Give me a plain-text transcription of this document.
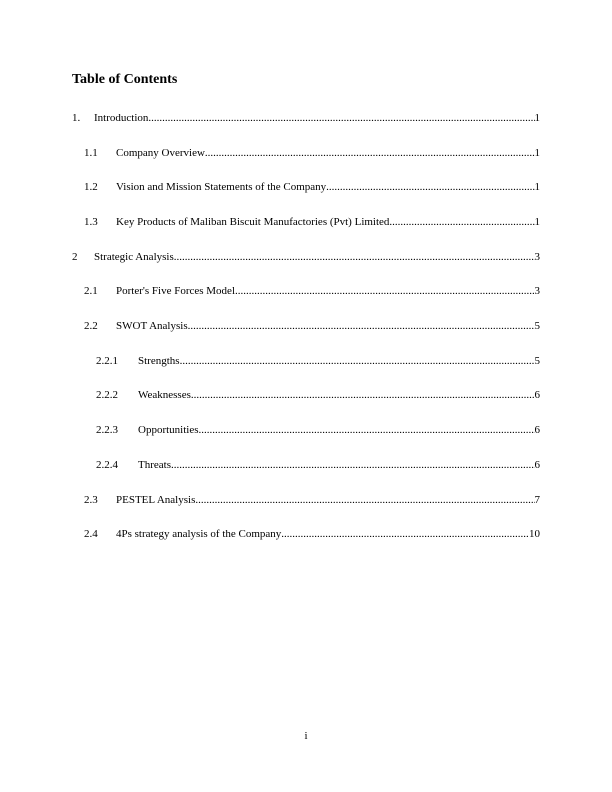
Table of Contents
1.	Introduction .....	1
1.1	Company Overview .....	1
1.2	Vision and Mission Statements of the Company .....	1
1.3	Key Products of Maliban Biscuit Manufactories (Pvt) Limited .....	1
2	Strategic Analysis .....	3
2.1	Porter's Five Forces Model .....	3
2.2	SWOT Analysis .....	5
2.2.1	Strengths .....	5
2.2.2	Weaknesses .....	6
2.2.3	Opportunities .....	6
2.2.4	Threats .....	6
2.3	PESTEL Analysis .....	7
2.4	4Ps strategy analysis of the Company .....	10
i
